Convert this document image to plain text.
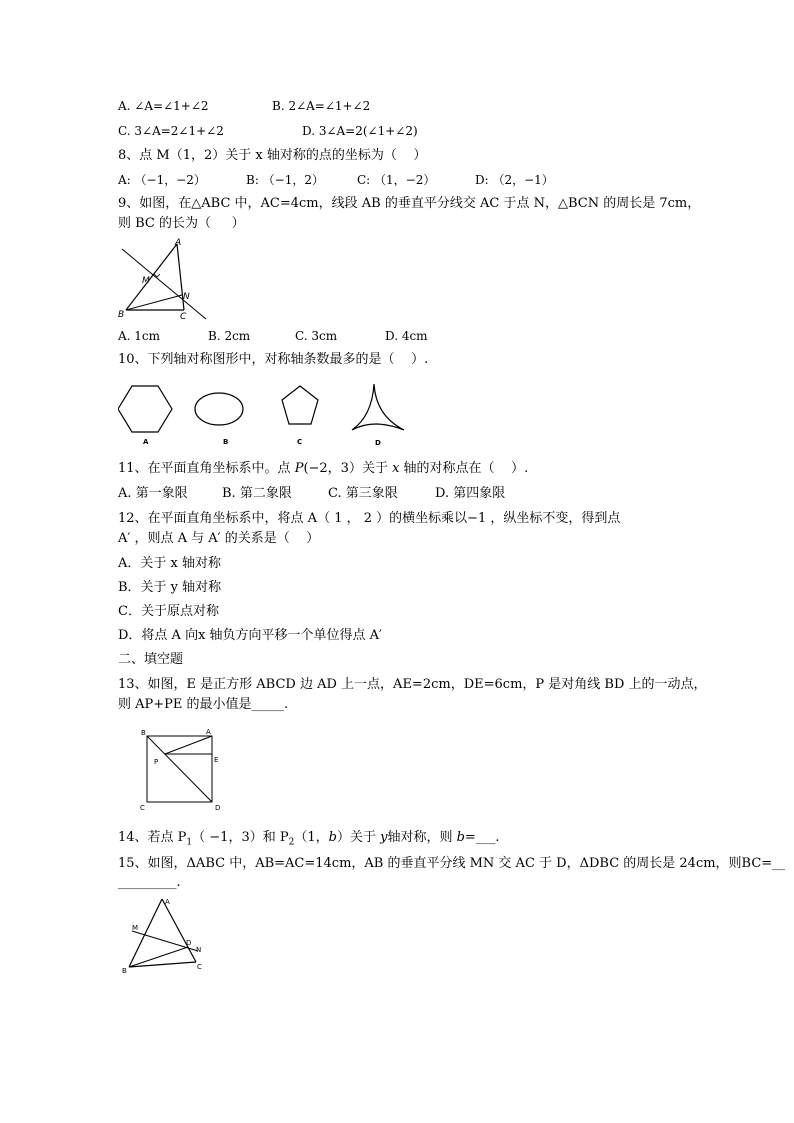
A. ∠A=∠1+∠2	B. 2∠A=∠1+∠2
C. 3∠A=2∠1+∠2	D. 3∠A=2(∠1+∠2)
8、点 M（1，2）关于 x 轴对称的点的坐标为（    ）
A: （−1，−2）	B: （−1，2）	C: （1，−2）	D: （2，−1）
9、如图，在△ABC 中，AC=4cm，线段 AB 的垂直平分线交 AC 于点 N，△BCN 的周长是 7cm，
则 BC 的长为（     ）
A
M
N
B	C
A. 1cm	B. 2cm	C. 3cm	D. 4cm
10、下列轴对称图形中，对称轴条数最多的是（    ）.
A	B	C	D
11、在平面直角坐标系中。点 P(−2，3）关于 x 轴的对称点在（    ）.
A. 第一象限	B. 第二象限	C. 第三象限	D. 第四象限
12、在平面直角坐标系中，将点 A（ 1 ， 2 ）的横坐标乘以−1 ，纵坐标不变，得到点
A′ ，则点 A 与 A′ 的关系是（    ）
A．关于 x 轴对称
B．关于 y 轴对称
C．关于原点对称
D．将点 A 向x 轴负方向平移一个单位得点 A′
二、填空题
13、如图，E 是正方形 ABCD 边 AD 上一点，AE=2cm，DE=6cm，P 是对角线 BD 上的一动点，
则 AP+PE 的最小值是_____.
B	A
P	E
C	D
14、若点 $P_1( -1$，3）和 $P_2(1$，b）关于 y轴对称，则 b=___.
15、如图，ΔABC 中，AB=AC=14cm，AB 的垂直平分线 MN 交 AC 于 D，ΔDBC 的周长是 24cm，则BC=__
_________.
A
M
D
N
B	C
